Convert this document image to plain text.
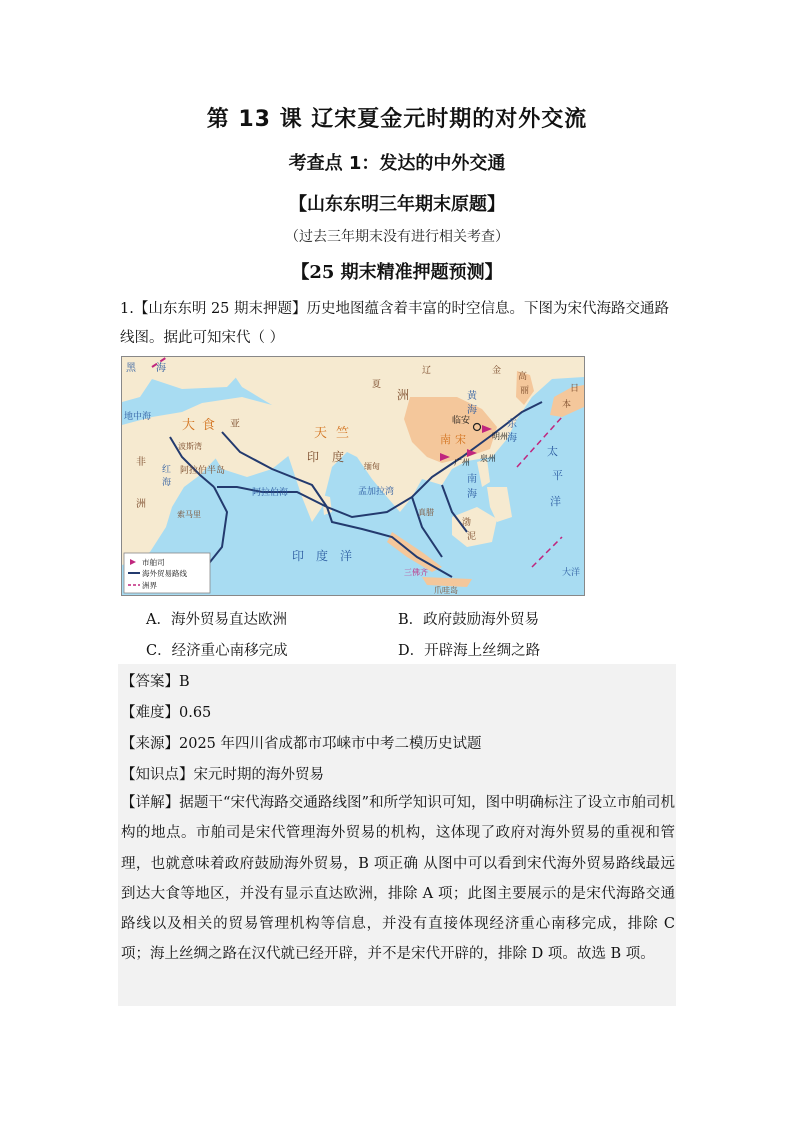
第 13 课 辽宋夏金元时期的对外交流
考查点 1：发达的中外交通
【山东东明三年期末原题】
（过去三年期末没有进行相关考查）
【25 期末精准押题预测】
1.【山东东明 25 期末押题】历史地图蕴含着丰富的时空信息。下图为宋代海路交通路线图。据此可知宋代（ ）
黑 海
地中海
红
海
阿拉伯海
印　度　洋
孟加拉湾
黄
海
东
海
南
海
太
平
洋
大洋
非
洲
索马里
大 食 亚
波斯湾
阿拉伯半岛
天 竺
印 度
缅甸
洲
临安
明州
广州 泉州
南 宋
高
丽	日
本
真腊
渤
泥
三佛齐
爪哇岛
辽
夏
金
市舶司
海外贸易路线
洲界
A．海外贸易直达欧洲	B．政府鼓励海外贸易
C．经济重心南移完成	D．开辟海上丝绸之路
【答案】B
【难度】0.65
【来源】2025 年四川省成都市邛崃市中考二模历史试题
【知识点】宋元时期的海外贸易
【详解】据题干“宋代海路交通路线图”和所学知识可知，图中明确标注了设立市舶司机构的地点。市舶司是宋代管理海外贸易的机构，这体现了政府对海外贸易的重视和管理，也就意味着政府鼓励海外贸易，B 项正确 从图中可以看到宋代海外贸易路线最远到达大食等地区，并没有显示直达欧洲，排除 A 项；此图主要展示的是宋代海路交通路线以及相关的贸易管理机构等信息，并没有直接体现经济重心南移完成，排除 C 项；海上丝绸之路在汉代就已经开辟，并不是宋代开辟的，排除 D 项。故选 B 项。
